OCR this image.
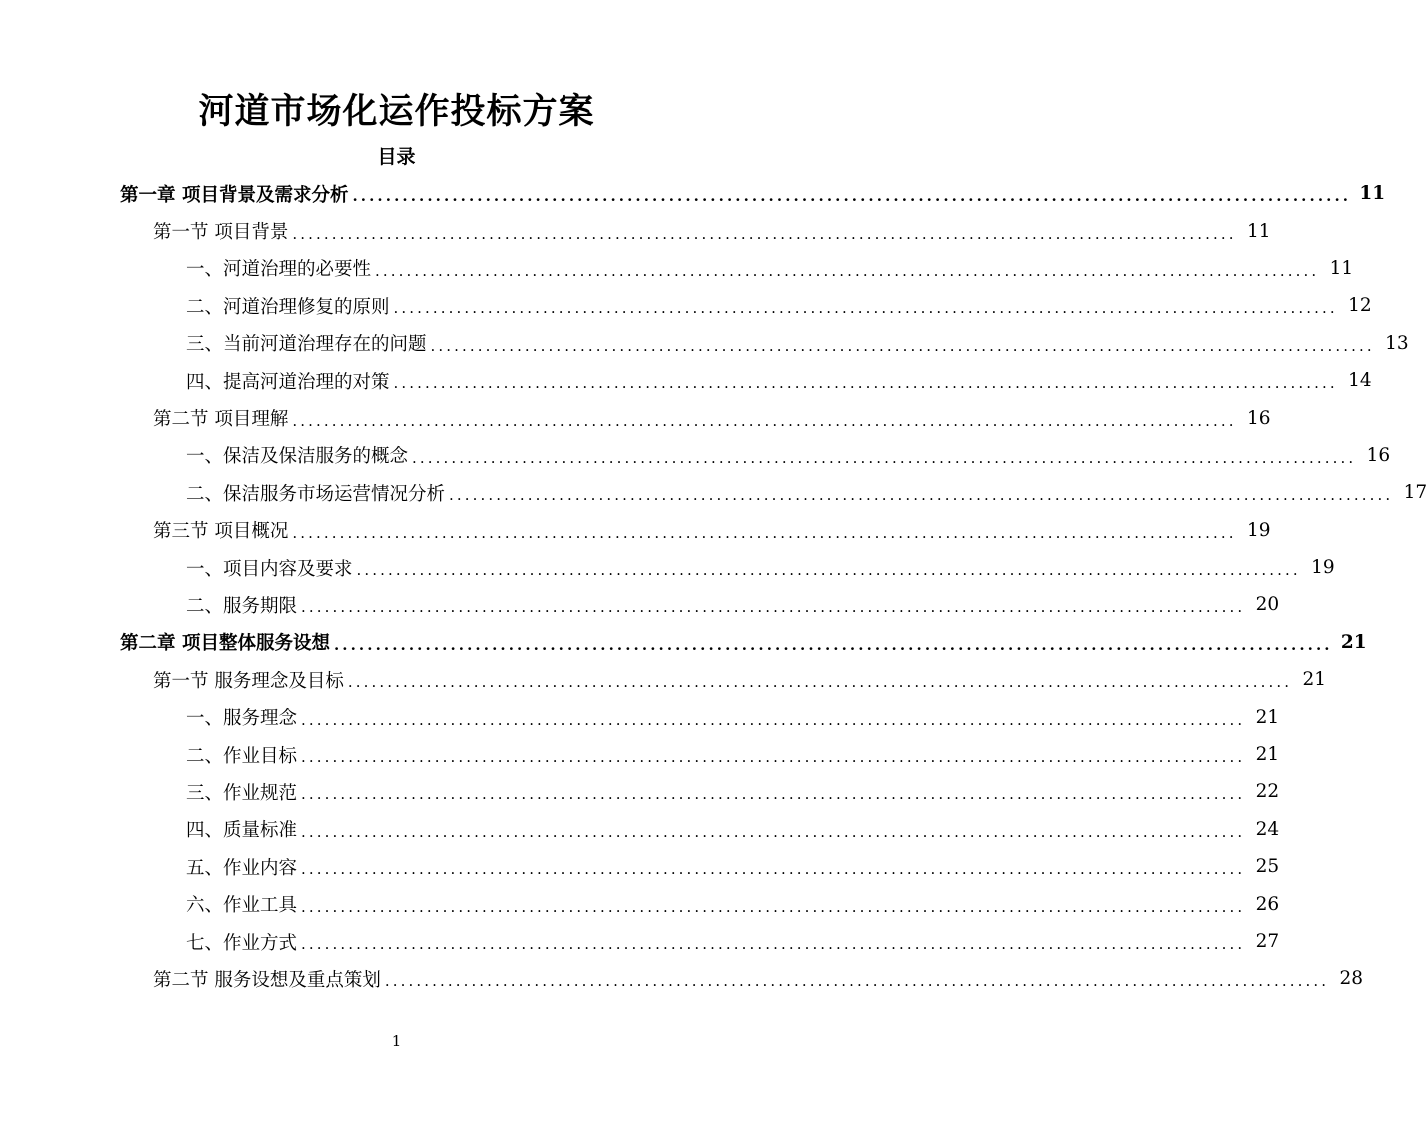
河道市场化运作投标方案
目录
第一章 项目背景及需求分析 ........................................................................................................................ 11
第一节 项目背景 ........................................................................................................................ 11
一、河道治理的必要性 ........................................................................................................................ 11
二、河道治理修复的原则 ........................................................................................................................ 12
三、当前河道治理存在的问题 ........................................................................................................................ 13
四、提高河道治理的对策 ........................................................................................................................ 14
第二节 项目理解 ........................................................................................................................ 16
一、保洁及保洁服务的概念 ........................................................................................................................ 16
二、保洁服务市场运营情况分析 ........................................................................................................................ 17
第三节 项目概况 ........................................................................................................................ 19
一、项目内容及要求 ........................................................................................................................ 19
二、服务期限 ........................................................................................................................ 20
第二章 项目整体服务设想 ........................................................................................................................ 21
第一节 服务理念及目标 ........................................................................................................................ 21
一、服务理念 ........................................................................................................................ 21
二、作业目标 ........................................................................................................................ 21
三、作业规范 ........................................................................................................................ 22
四、质量标准 ........................................................................................................................ 24
五、作业内容 ........................................................................................................................ 25
六、作业工具 ........................................................................................................................ 26
七、作业方式 ........................................................................................................................ 27
第二节 服务设想及重点策划 ........................................................................................................................ 28
1
